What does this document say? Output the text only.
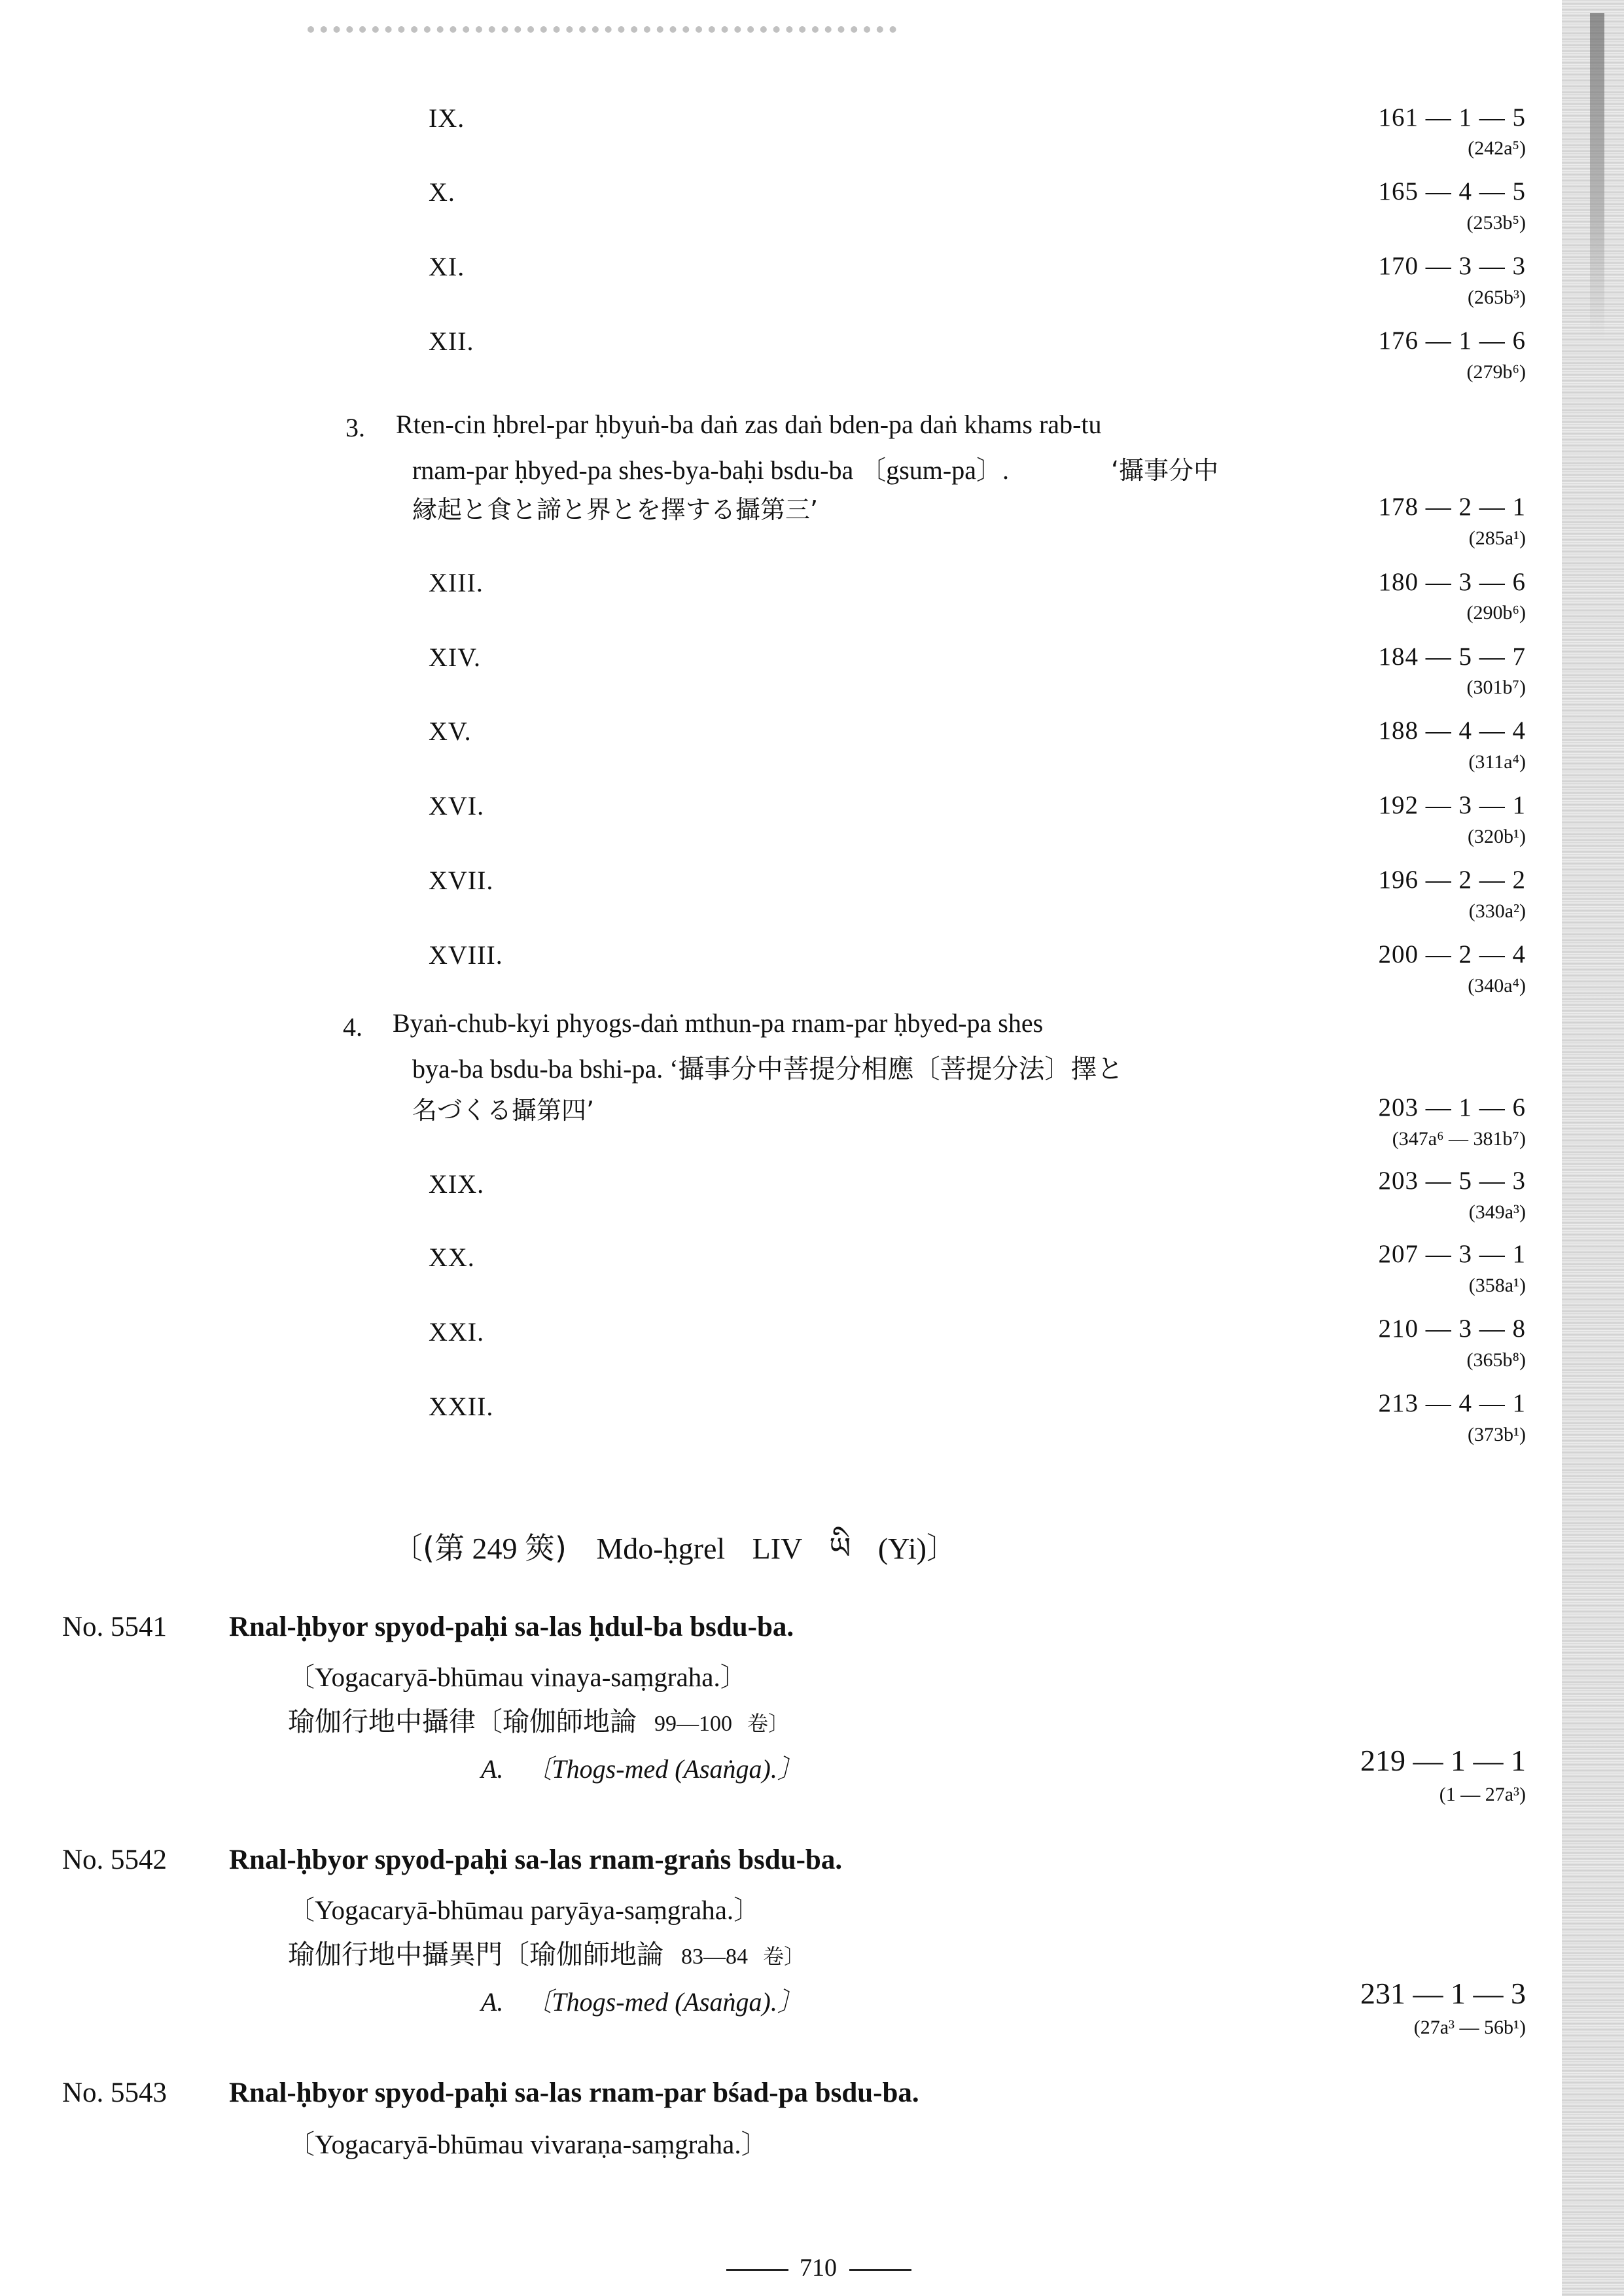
IX.	161 — 1 — 5
(242a⁵)
X.	165 — 4 — 5
(253b⁵)
XI.	170 — 3 — 3
(265b³)
XII.	176 — 1 — 6
(279b⁶)
3. Rten-cin ḥbrel-par ḥbyuṅ-ba daṅ zas daṅ bden-pa daṅ khams rab-tu
rnam-par ḥbyed-pa shes-bya-baḥi bsdu-ba 〔gsum-pa〕.	‘攝事分中
縁起と食と諦と界とを擇する攝第三’	178 — 2 — 1
(285a¹)
XIII.	180 — 3 — 6
(290b⁶)
XIV.	184 — 5 — 7
(301b⁷)
XV.	188 — 4 — 4
(311a⁴)
XVI.	192 — 3 — 1
(320b¹)
XVII.	196 — 2 — 2
(330a²)
XVIII.	200 — 2 — 4
(340a⁴)
4. Byaṅ-chub-kyi phyogs-daṅ mthun-pa rnam-par ḥbyed-pa shes
bya-ba bsdu-ba bshi-pa. ‘攝事分中菩提分相應〔菩提分法〕擇と
名づくる攝第四’	203 — 1 — 6
(347a⁶ — 381b⁷)
XIX.	203 — 5 — 3
(349a³)
XX.	207 — 3 — 1
(358a¹)
XXI.	210 — 3 — 8
(365b⁸)
XXII.	213 — 4 — 1
(373b¹)
〔(第 249 筴) Mdo-ḥgrel LIV ཡི (Yi)〕
No. 5541 Rnal-ḥbyor spyod-paḥi sa-las ḥdul-ba bsdu-ba.
〔Yogacaryā-bhūmau vinaya-saṃgraha.〕
瑜伽行地中攝律〔瑜伽師地論 99—100 卷〕
A. 〔Thogs-med (Asaṅga).〕	219 — 1 — 1
(1 — 27a³)
No. 5542 Rnal-ḥbyor spyod-paḥi sa-las rnam-graṅs bsdu-ba.
〔Yogacaryā-bhūmau paryāya-saṃgraha.〕
瑜伽行地中攝異門〔瑜伽師地論 83—84 卷〕
A. 〔Thogs-med (Asaṅga).〕	231 — 1 — 3
(27a³ — 56b¹)
No. 5543 Rnal-ḥbyor spyod-paḥi sa-las rnam-par bśad-pa bsdu-ba.
〔Yogacaryā-bhūmau vivaraṇa-saṃgraha.〕
710
